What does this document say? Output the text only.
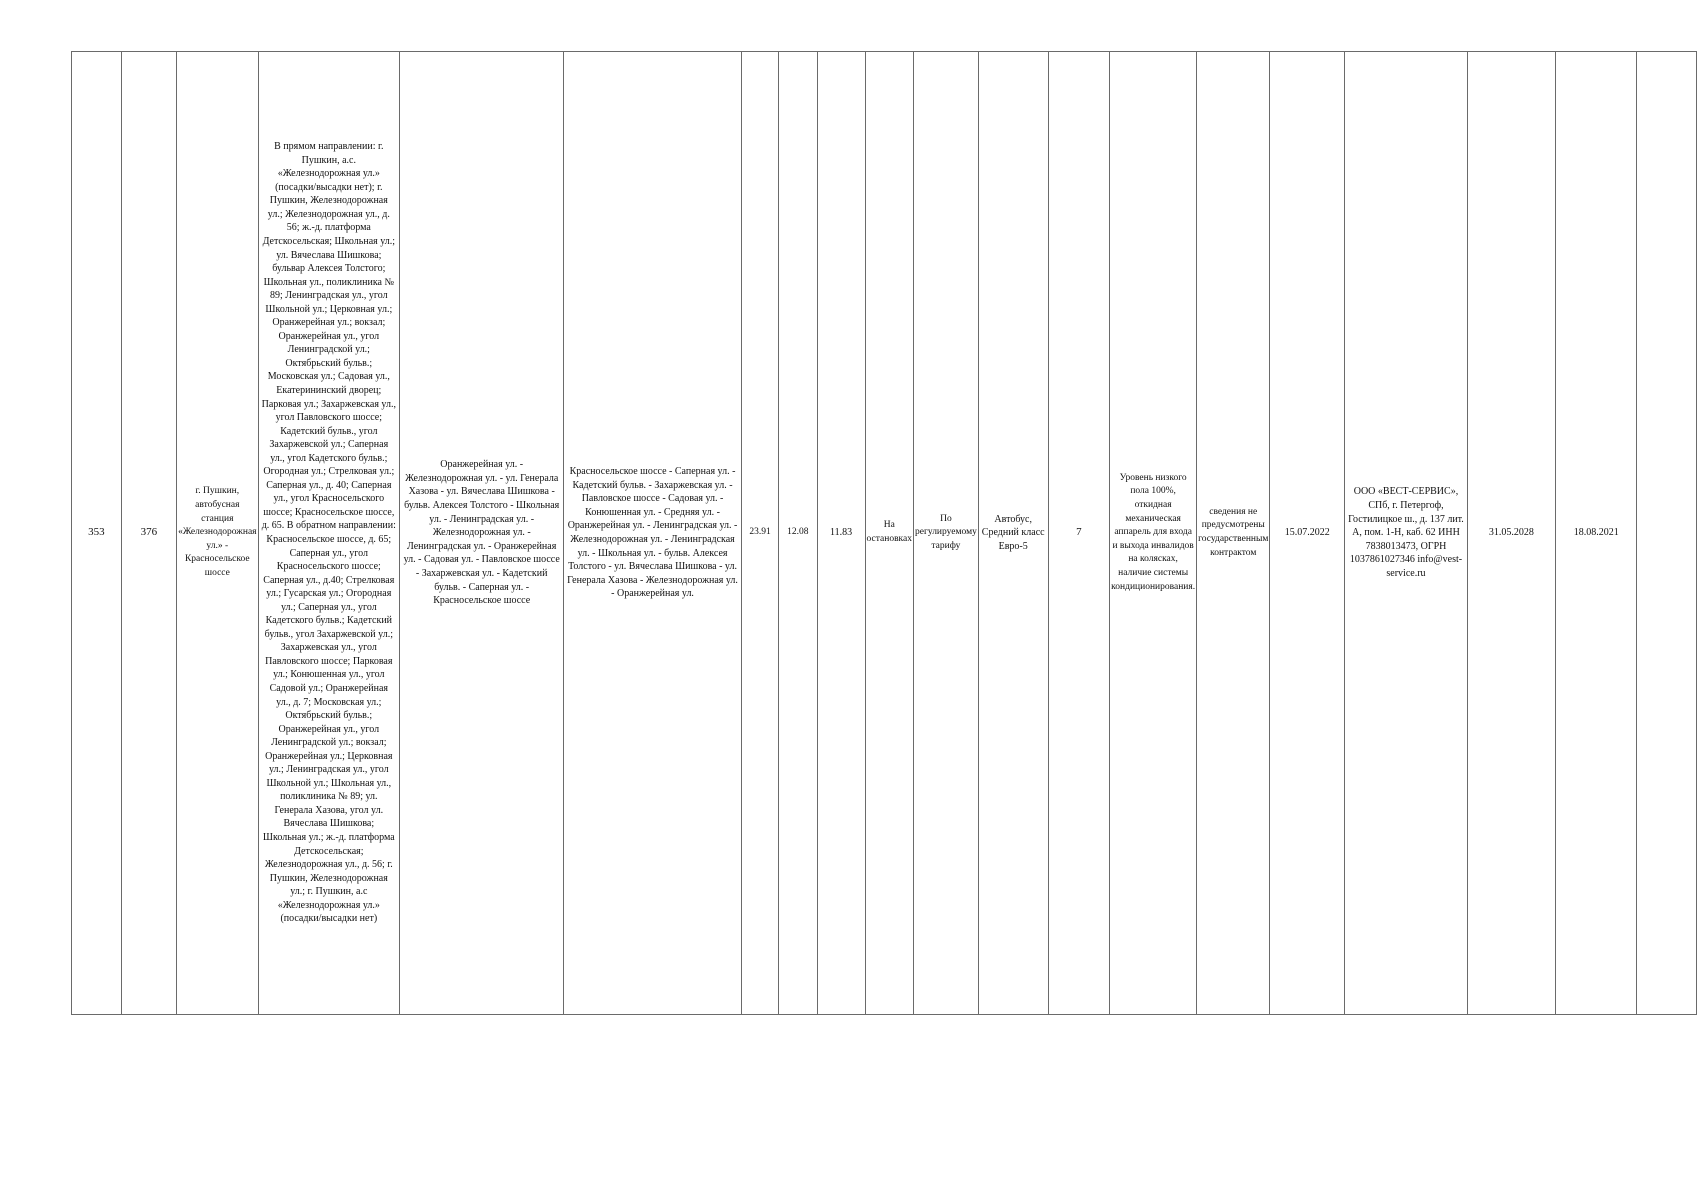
353	376	г. Пушкин, автобусная станция «Железнодорожная ул.» - Красносельское шоссе	В прямом направлении: г. Пушкин, а.с. «Железнодорожная ул.» (посадки/высадки нет); г. Пушкин, Железнодорожная ул.; Железнодорожная ул., д. 56; ж.-д. платформа Детскосельская; Школьная ул.; ул. Вячеслава Шишкова; бульвар Алексея Толстого; Школьная ул., поликлиника № 89; Ленинградская ул., угол Школьной ул.; Церковная ул.; Оранжерейная ул.; вокзал; Оранжерейная ул., угол Ленинградской ул.; Октябрьский бульв.; Московская ул.; Садовая ул., Екатерининский дворец; Парковая ул.; Захаржевская ул., угол Павловского шоссе; Кадетский бульв., угол Захаржевской ул.; Саперная ул., угол Кадетского бульв.; Огородная ул.; Стрелковая ул.; Саперная ул., д. 40; Саперная ул., угол Красносельского шоссе; Красносельское шоссе, д. 65. В обратном направлении: Красносельское шоссе, д. 65; Саперная ул., угол Красносельского шоссе; Саперная ул., д.40; Стрелковая ул.; Гусарская ул.; Огородная ул.; Саперная ул., угол Кадетского бульв.; Кадетский бульв., угол Захаржевской ул.; Захаржевская ул., угол Павловского шоссе; Парковая ул.; Конюшенная ул., угол Садовой ул.; Оранжерейная ул., д. 7; Московская ул.; Октябрьский бульв.; Оранжерейная ул., угол Ленинградской ул.; вокзал; Оранжерейная ул.; Церковная ул.; Ленинградская ул., угол Школьной ул.; Школьная ул., поликлиника № 89; ул. Генерала Хазова, угол ул. Вячеслава Шишкова; Школьная ул.; ж.-д. платформа Детскосельская; Железнодорожная ул., д. 56; г. Пушкин, Железнодорожная ул.; г. Пушкин, а.с «Железнодорожная ул.» (посадки/высадки нет)	Оранжерейная ул. - Железнодорожная ул. - ул. Генерала Хазова - ул. Вячеслава Шишкова - бульв. Алексея Толстого - Школьная ул. - Ленинградская ул. - Железнодорожная ул. - Ленинградская ул. - Оранжерейная ул. - Садовая ул. - Павловское шоссе - Захаржевская ул. - Кадетский бульв. - Саперная ул. - Красносельское шоссе	Красносельское шоссе - Саперная ул. - Кадетский бульв. - Захаржевская ул. - Павловское шоссе - Садовая ул. - Конюшенная ул. - Средняя ул. - Оранжерейная ул. - Ленинградская ул. - Железнодорожная ул. - Ленинградская ул. - Школьная ул. - бульв. Алексея Толстого - ул. Вячеслава Шишкова - ул. Генерала Хазова - Железнодорожная ул. - Оранжерейная ул.	23.91	12.08	11.83	На остановках	По регулируемому тарифу	Автобус, Средний класс Евро-5	7	Уровень низкого пола 100%, откидная механическая аппарель для входа и выхода инвалидов на колясках, наличие системы кондиционирования.	сведения не предусмотрены государственным контрактом	15.07.2022	ООО «ВЕСТ-СЕРВИС», СПб, г. Петергоф, Гостилицкое ш., д. 137 лит. А, пом. 1-Н, каб. 62 ИНН 7838013473, ОГРН 1037861027346 info@vest-service.ru	31.05.2028	18.08.2021	
